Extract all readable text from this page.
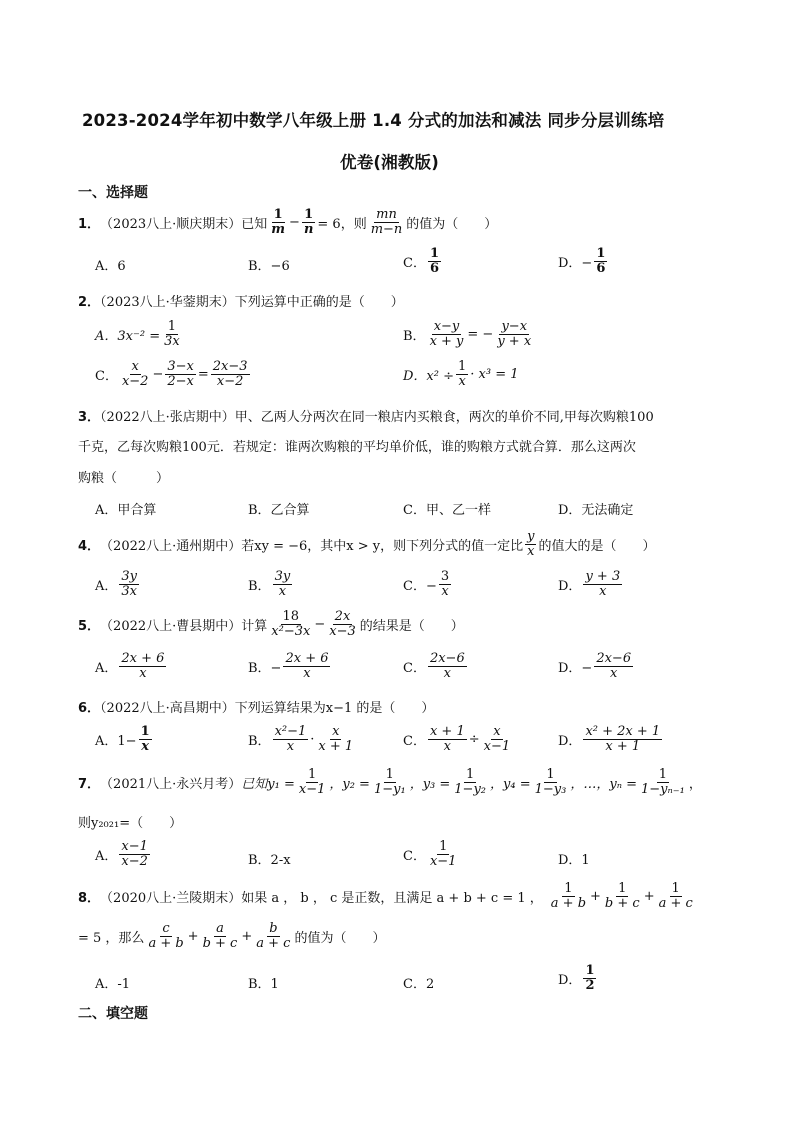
2023-2024学年初中数学八年级上册 1.4 分式的加法和减法 同步分层训练培
优卷(湘教版)
一、选择题
1． （2023八上·顺庆期末） 已知 $\frac{1}{m} - \frac{1}{n} = 6$，则 $\frac{mn}{m-n}$ 的值为（　　）
A．6	B．−6	C． $\frac{1}{6}$	D．− $\frac{1}{6}$
2．（2023八上·华蓥期末）下列运算中正确的是（　　）
A．$3x^{-2} = \frac{1}{3x}$	B． $\frac{x-y}{x + y}$ = − $\frac{y-x}{y + x}$
C． $\frac{x}{x-2} - \frac{3-x}{2-x} = \frac{2x-3}{x-2}$	D．$x^2 \div \frac{1}{x} \cdot x^3 = 1$
3．（2022八上·张店期中）甲、乙两人分两次在同一粮店内买粮食，两次的单价不同,甲每次购粮100
千克，乙每次购粮100元．若规定：谁两次购粮的平均单价低，谁的购粮方式就合算．那么这两次
购粮（　　　）
A．甲合算	B．乙合算	C．甲、乙一样	D．无法确定
4． （2022八上·通州期中） 若xy = −6，其中x > y，则下列分式的值一定比 $\frac{y}{x}$ 的值大的是（　　）
A． $\frac{3y}{3x}$	B． $\frac{3y}{x}$	C．− $\frac{3}{x}$	D． $\frac{y + 3}{x}$
5． （2022八上·曹县期中） 计算 $\frac{18}{\text{x²−3x}} - \frac{2x}{x-3}$ 的结果是（　　）
A． $\frac{2x + 6}{x}$	B．− $\frac{2x + 6}{x}$	C． $\frac{2x-6}{x}$	D．− $\frac{2x-6}{x}$
6．（2022八上·高昌期中）下列运算结果为x−1 的是（　　）
A．$1- \frac{1}{x}$	B． $\frac{\text{x²−1}}{x} \cdot \frac{x}{x + 1}$	C． $\frac{x + 1}{x} \div \frac{x}{x-1}$	D． $\frac{\text{x² + 2x + 1}}{x + 1}$
7． （2021八上·永兴月考） 已知$y_1 = \frac{1}{x-1}$ ，$y_2 = \frac{1}{\text{1−y₁}}$ ，$y_3 = \frac{1}{\text{1−y₂}}$ ，$y_4 = \frac{1}{\text{1−y₃}}$ ，…，$y_n = \frac{1}{\text{1−yₙ₋₁}}$ ，
则y₂₀₂₁=（　　）
A． $\frac{x-1}{x-2}$	B．2-x	C． $\frac{1}{x-1}$	D．1
8． （2020八上·兰陵期末） 如果 a ， b ， c 是正数，且满足 a + b + c = 1 ， $\frac{1}{a + b} + \frac{1}{b + c} + \frac{1}{a + c}$
= 5 ，那么 $\frac{c}{a + b} + \frac{a}{b + c} + \frac{b}{a + c}$ 的值为（　　）
A．-1	B．1	C．2	D． $\frac{1}{2}$
二、填空题
